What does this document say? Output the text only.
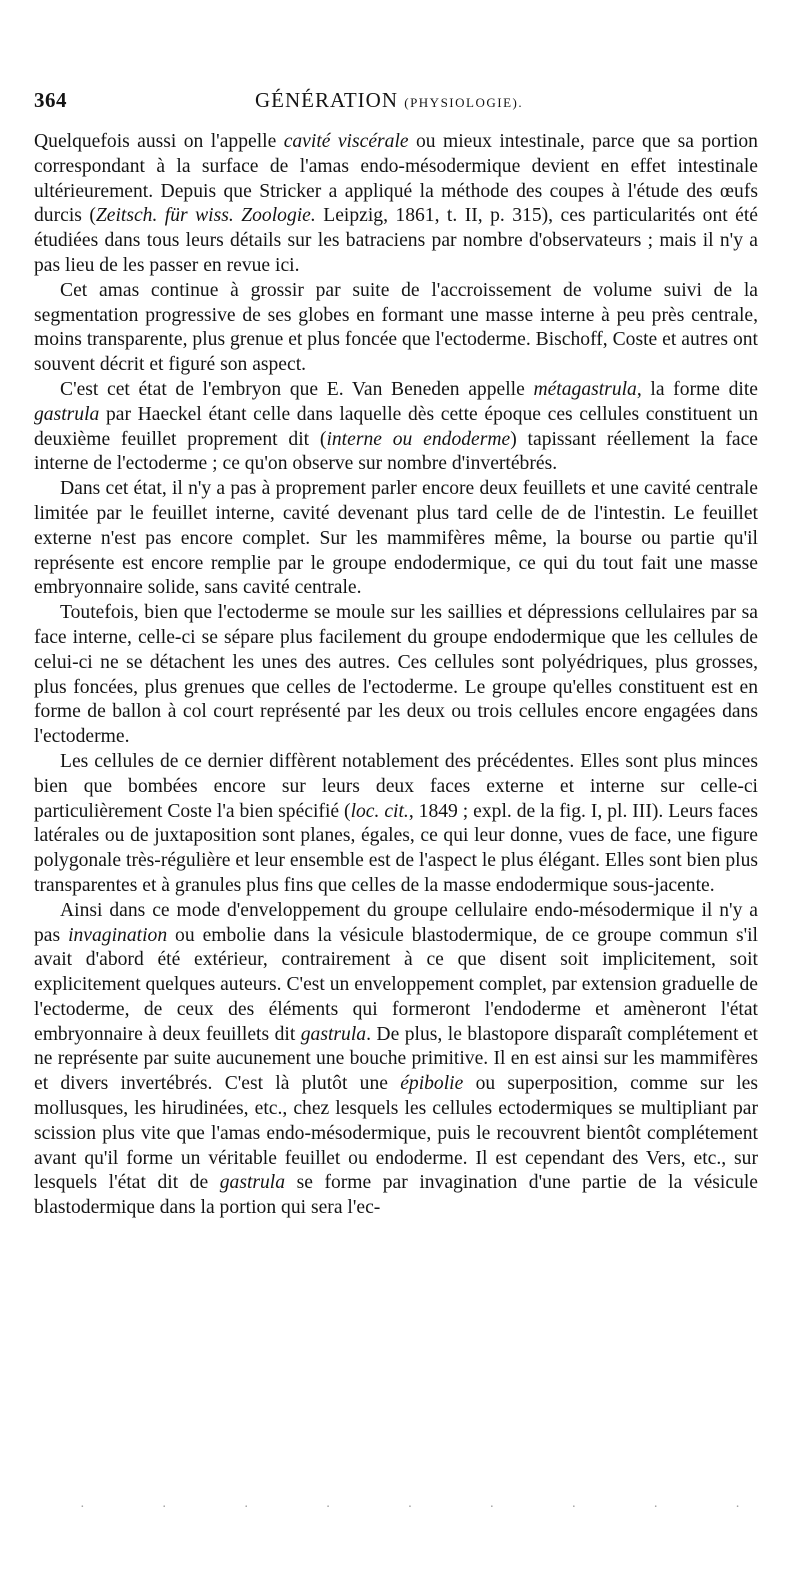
364	GÉNÉRATION (PHYSIOLOGIE).

Quelquefois aussi on l'appelle cavité viscérale ou mieux intestinale, parce que sa portion correspondant à la surface de l'amas endo-mésodermique devient en effet intestinale ultérieurement. Depuis que Stricker a appliqué la méthode des coupes à l'étude des œufs durcis (Zeitsch. für wiss. Zoologie. Leipzig, 1861, t. II, p. 315), ces particularités ont été étudiées dans tous leurs détails sur les batraciens par nombre d'observateurs ; mais il n'y a pas lieu de les passer en revue ici.

Cet amas continue à grossir par suite de l'accroissement de volume suivi de la segmentation progressive de ses globes en formant une masse interne à peu près centrale, moins transparente, plus grenue et plus foncée que l'ectoderme. Bischoff, Coste et autres ont souvent décrit et figuré son aspect.

C'est cet état de l'embryon que E. Van Beneden appelle métagastrula, la forme dite gastrula par Haeckel étant celle dans laquelle dès cette époque ces cellules constituent un deuxième feuillet proprement dit (interne ou endoderme) tapissant réellement la face interne de l'ectoderme ; ce qu'on observe sur nombre d'invertébrés.

Dans cet état, il n'y a pas à proprement parler encore deux feuillets et une cavité centrale limitée par le feuillet interne, cavité devenant plus tard celle de de l'intestin. Le feuillet externe n'est pas encore complet. Sur les mammifères même, la bourse ou partie qu'il représente est encore remplie par le groupe endodermique, ce qui du tout fait une masse embryonnaire solide, sans cavité centrale.

Toutefois, bien que l'ectoderme se moule sur les saillies et dépressions cellulaires par sa face interne, celle-ci se sépare plus facilement du groupe endodermique que les cellules de celui-ci ne se détachent les unes des autres. Ces cellules sont polyédriques, plus grosses, plus foncées, plus grenues que celles de l'ectoderme. Le groupe qu'elles constituent est en forme de ballon à col court représenté par les deux ou trois cellules encore engagées dans l'ectoderme.

Les cellules de ce dernier diffèrent notablement des précédentes. Elles sont plus minces bien que bombées encore sur leurs deux faces externe et interne sur celle-ci particulièrement Coste l'a bien spécifié (loc. cit., 1849 ; expl. de la fig. I, pl. III). Leurs faces latérales ou de juxtaposition sont planes, égales, ce qui leur donne, vues de face, une figure polygonale très-régulière et leur ensemble est de l'aspect le plus élégant. Elles sont bien plus transparentes et à granules plus fins que celles de la masse endodermique sous-jacente.

Ainsi dans ce mode d'enveloppement du groupe cellulaire endo-mésodermique il n'y a pas invagination ou embolie dans la vésicule blastodermique, de ce groupe commun s'il avait d'abord été extérieur, contrairement à ce que disent soit implicitement, soit explicitement quelques auteurs. C'est un enveloppement complet, par extension graduelle de l'ectoderme, de ceux des éléments qui formeront l'endoderme et amèneront l'état embryonnaire à deux feuillets dit gastrula. De plus, le blastopore disparaît complétement et ne représente par suite aucunement une bouche primitive. Il en est ainsi sur les mammifères et divers invertébrés. C'est là plutôt une épibolie ou superposition, comme sur les mollusques, les hirudinées, etc., chez lesquels les cellules ectodermiques se multipliant par scission plus vite que l'amas endo-mésodermique, puis le recouvrent bientôt complétement avant qu'il forme un véritable feuillet ou endoderme. Il est cependant des Vers, etc., sur lesquels l'état dit de gastrula se forme par invagination d'une partie de la vésicule blastodermique dans la portion qui sera l'ec-

·	·	·	·	·	·	·	·	·
